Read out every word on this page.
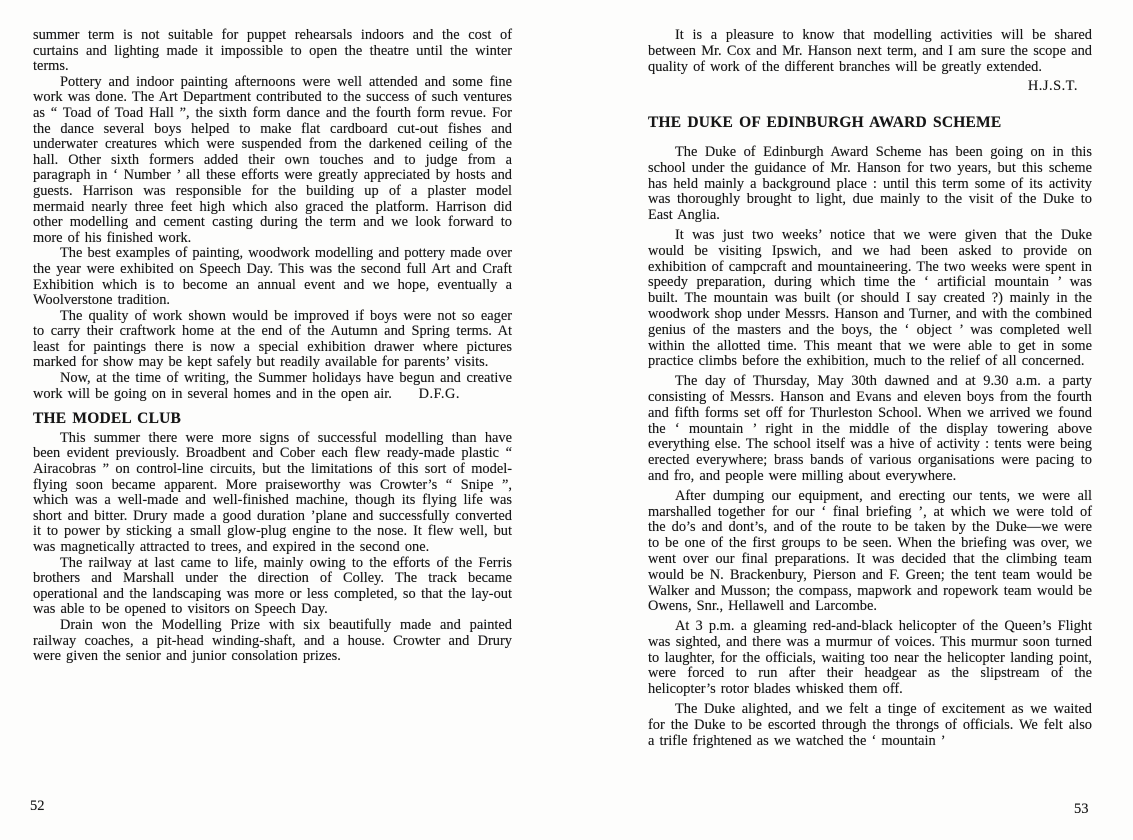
summer term is not suitable for puppet rehearsals indoors and the cost of curtains and lighting made it impossible to open the theatre until the winter terms.

Pottery and indoor painting afternoons were well attended and some fine work was done. The Art Department contributed to the success of such ventures as “ Toad of Toad Hall ”, the sixth form dance and the fourth form revue. For the dance several boys helped to make flat cardboard cut-out fishes and underwater creatures which were suspended from the darkened ceiling of the hall. Other sixth formers added their own touches and to judge from a paragraph in ‘ Number ’ all these efforts were greatly appreciated by hosts and guests. Harrison was responsible for the building up of a plaster model mermaid nearly three feet high which also graced the platform. Harrison did other modelling and cement casting during the term and we look forward to more of his finished work.

The best examples of painting, woodwork modelling and pottery made over the year were exhibited on Speech Day. This was the second full Art and Craft Exhibition which is to become an annual event and we hope, eventually a Woolverstone tradition.

The quality of work shown would be improved if boys were not so eager to carry their craftwork home at the end of the Autumn and Spring terms. At least for paintings there is now a special exhibition drawer where pictures marked for show may be kept safely but readily available for parents’ visits.

Now, at the time of writing, the Summer holidays have begun and creative work will be going on in several homes and in the open air.	D.F.G.
THE MODEL CLUB

This summer there were more signs of successful modelling than have been evident previously. Broadbent and Cober each flew ready-made plastic “ Airacobras ” on control-line circuits, but the limitations of this sort of model-flying soon became apparent. More praiseworthy was Crowter’s “ Snipe ”, which was a well-made and well-finished machine, though its flying life was short and bitter. Drury made a good duration ’plane and successfully converted it to power by sticking a small glow-plug engine to the nose. It flew well, but was magnetically attracted to trees, and expired in the second one.

The railway at last came to life, mainly owing to the efforts of the Ferris brothers and Marshall under the direction of Colley. The track became operational and the landscaping was more or less completed, so that the lay-out was able to be opened to visitors on Speech Day.

Drain won the Modelling Prize with six beautifully made and painted railway coaches, a pit-head winding-shaft, and a house. Crowter and Drury were given the senior and junior consolation prizes.

It is a pleasure to know that modelling activities will be shared between Mr. Cox and Mr. Hanson next term, and I am sure the scope and quality of work of the different branches will be greatly extended.

H.J.S.T.
THE DUKE OF EDINBURGH AWARD SCHEME

The Duke of Edinburgh Award Scheme has been going on in this school under the guidance of Mr. Hanson for two years, but this scheme has held mainly a background place : until this term some of its activity was thoroughly brought to light, due mainly to the visit of the Duke to East Anglia.

It was just two weeks’ notice that we were given that the Duke would be visiting Ipswich, and we had been asked to provide on exhibition of campcraft and mountaineering. The two weeks were spent in speedy preparation, during which time the ‘ artificial mountain ’ was built. The mountain was built (or should I say created ?) mainly in the woodwork shop under Messrs. Hanson and Turner, and with the combined genius of the masters and the boys, the ‘ object ’ was completed well within the allotted time. This meant that we were able to get in some practice climbs before the exhibition, much to the relief of all concerned.

The day of Thursday, May 30th dawned and at 9.30 a.m. a party consisting of Messrs. Hanson and Evans and eleven boys from the fourth and fifth forms set off for Thurleston School. When we arrived we found the ‘ mountain ’ right in the middle of the display towering above everything else. The school itself was a hive of activity : tents were being erected everywhere; brass bands of various organisations were pacing to and fro, and people were milling about everywhere.

After dumping our equipment, and erecting our tents, we were all marshalled together for our ‘ final briefing ’, at which we were told of the do’s and dont’s, and of the route to be taken by the Duke—we were to be one of the first groups to be seen. When the briefing was over, we went over our final preparations. It was decided that the climbing team would be N. Brackenbury, Pierson and F. Green; the tent team would be Walker and Musson; the compass, mapwork and ropework team would be Owens, Snr., Hellawell and Larcombe.

At 3 p.m. a gleaming red-and-black helicopter of the Queen’s Flight was sighted, and there was a murmur of voices. This murmur soon turned to laughter, for the officials, waiting too near the helicopter landing point, were forced to run after their headgear as the slipstream of the helicopter’s rotor blades whisked them off.

The Duke alighted, and we felt a tinge of excitement as we waited for the Duke to be escorted through the throngs of officials. We felt also a trifle frightened as we watched the ‘ mountain ’

52	53
